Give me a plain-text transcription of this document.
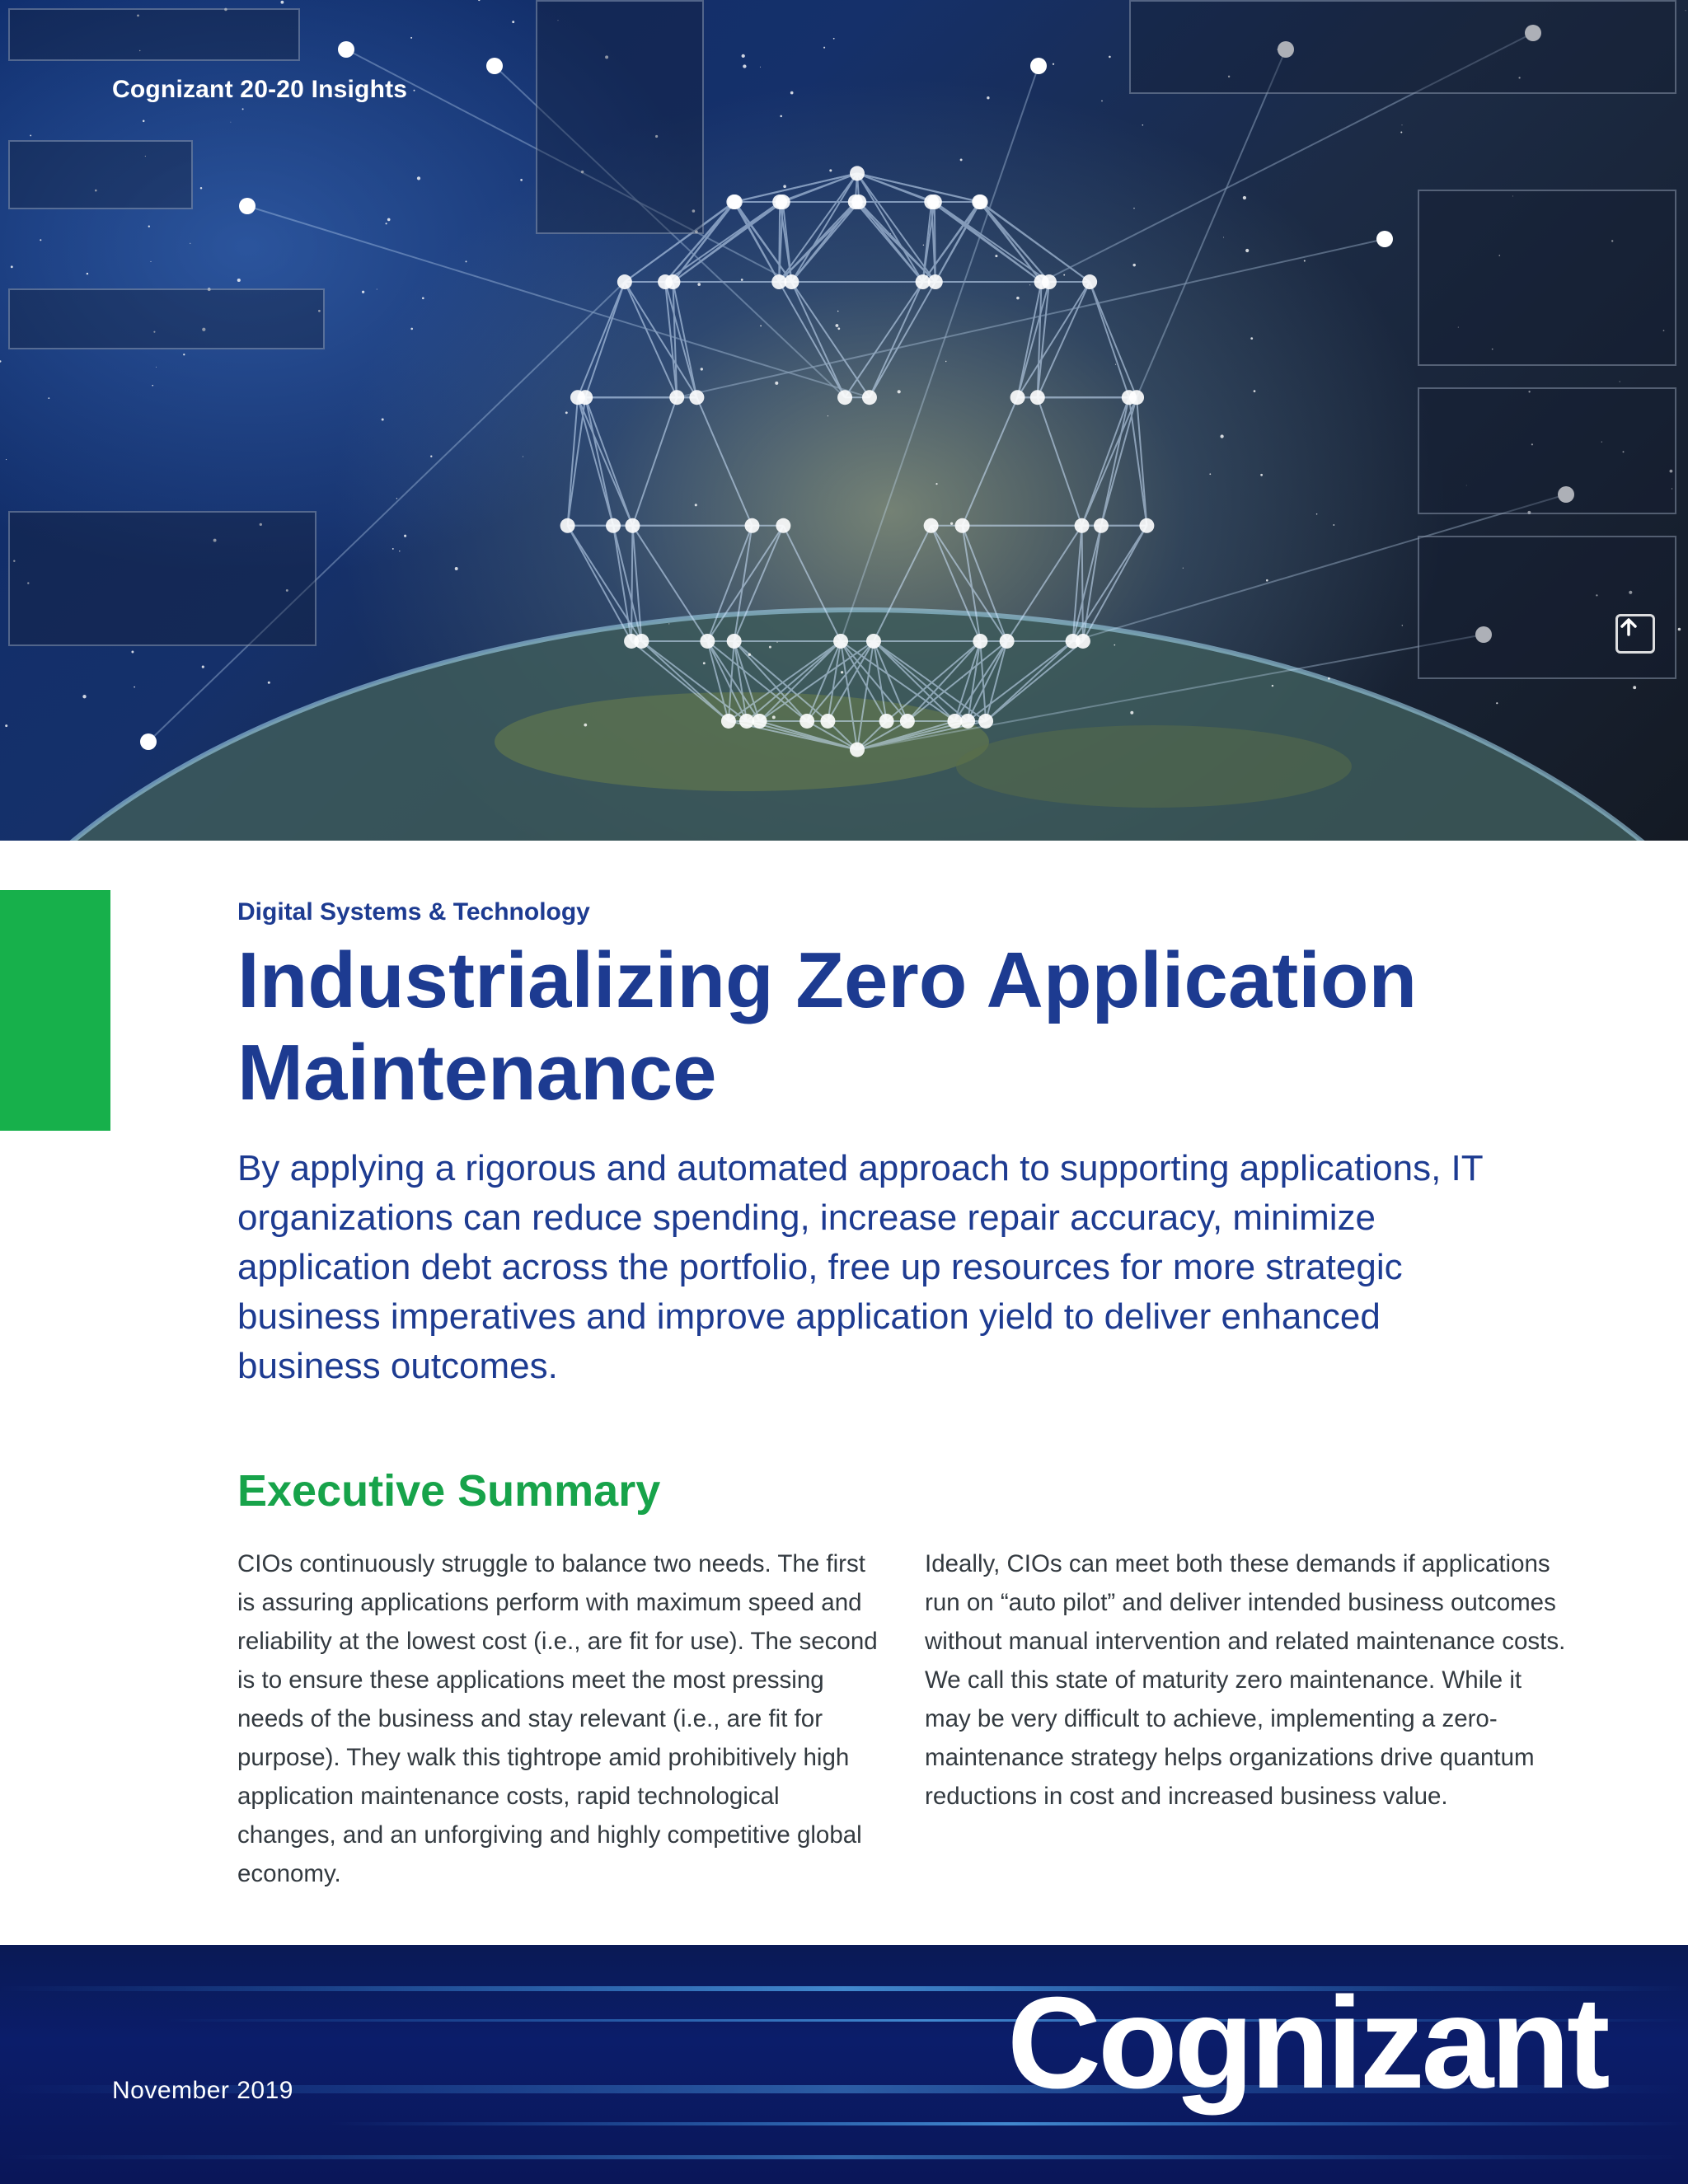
Cognizant 20-20 Insights
Digital Systems & Technology
Industrializing Zero Application Maintenance

By applying a rigorous and automated approach to supporting applications, IT organizations can reduce spending, increase repair accuracy, minimize application debt across the portfolio, free up resources for more strategic business imperatives and improve application yield to deliver enhanced business outcomes.

Executive Summary

CIOs continuously struggle to balance two needs. The first is assuring applications perform with maximum speed and reliability at the lowest cost (i.e., are fit for use). The second is to ensure these applications meet the most pressing needs of the business and stay relevant (i.e., are fit for purpose). They walk this tightrope amid prohibitively high application maintenance costs, rapid technological changes, and an unforgiving and highly competitive global economy.

Ideally, CIOs can meet both these demands if applications run on “auto pilot” and deliver intended business outcomes without manual intervention and related maintenance costs. We call this state of maturity zero maintenance. While it may be very difficult to achieve, implementing a zero-maintenance strategy helps organizations drive quantum reductions in cost and increased business value.

November 2019	Cognizant
